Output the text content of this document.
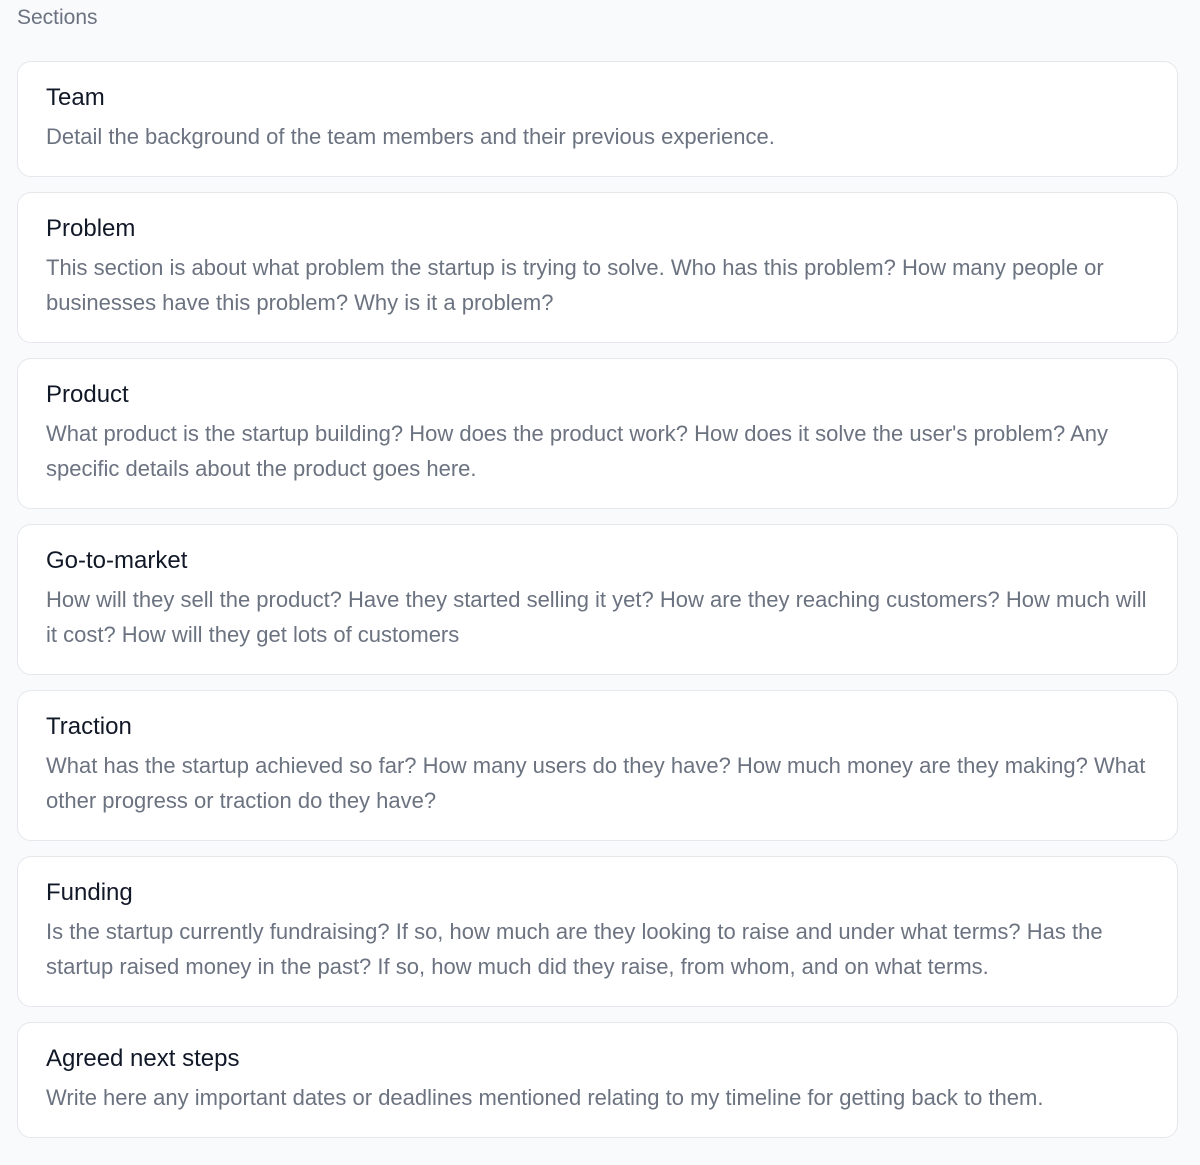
Sections
Team
Detail the background of the team members and their previous experience.
Problem
This section is about what problem the startup is trying to solve. Who has this problem? How many people or businesses have this problem? Why is it a problem?
Product
What product is the startup building? How does the product work? How does it solve the user's problem? Any specific details about the product goes here.
Go-to-market
How will they sell the product? Have they started selling it yet? How are they reaching customers? How much will it cost? How will they get lots of customers
Traction
What has the startup achieved so far? How many users do they have? How much money are they making? What other progress or traction do they have?
Funding
Is the startup currently fundraising? If so, how much are they looking to raise and under what terms? Has the startup raised money in the past? If so, how much did they raise, from whom, and on what terms.
Agreed next steps
Write here any important dates or deadlines mentioned relating to my timeline for getting back to them.
